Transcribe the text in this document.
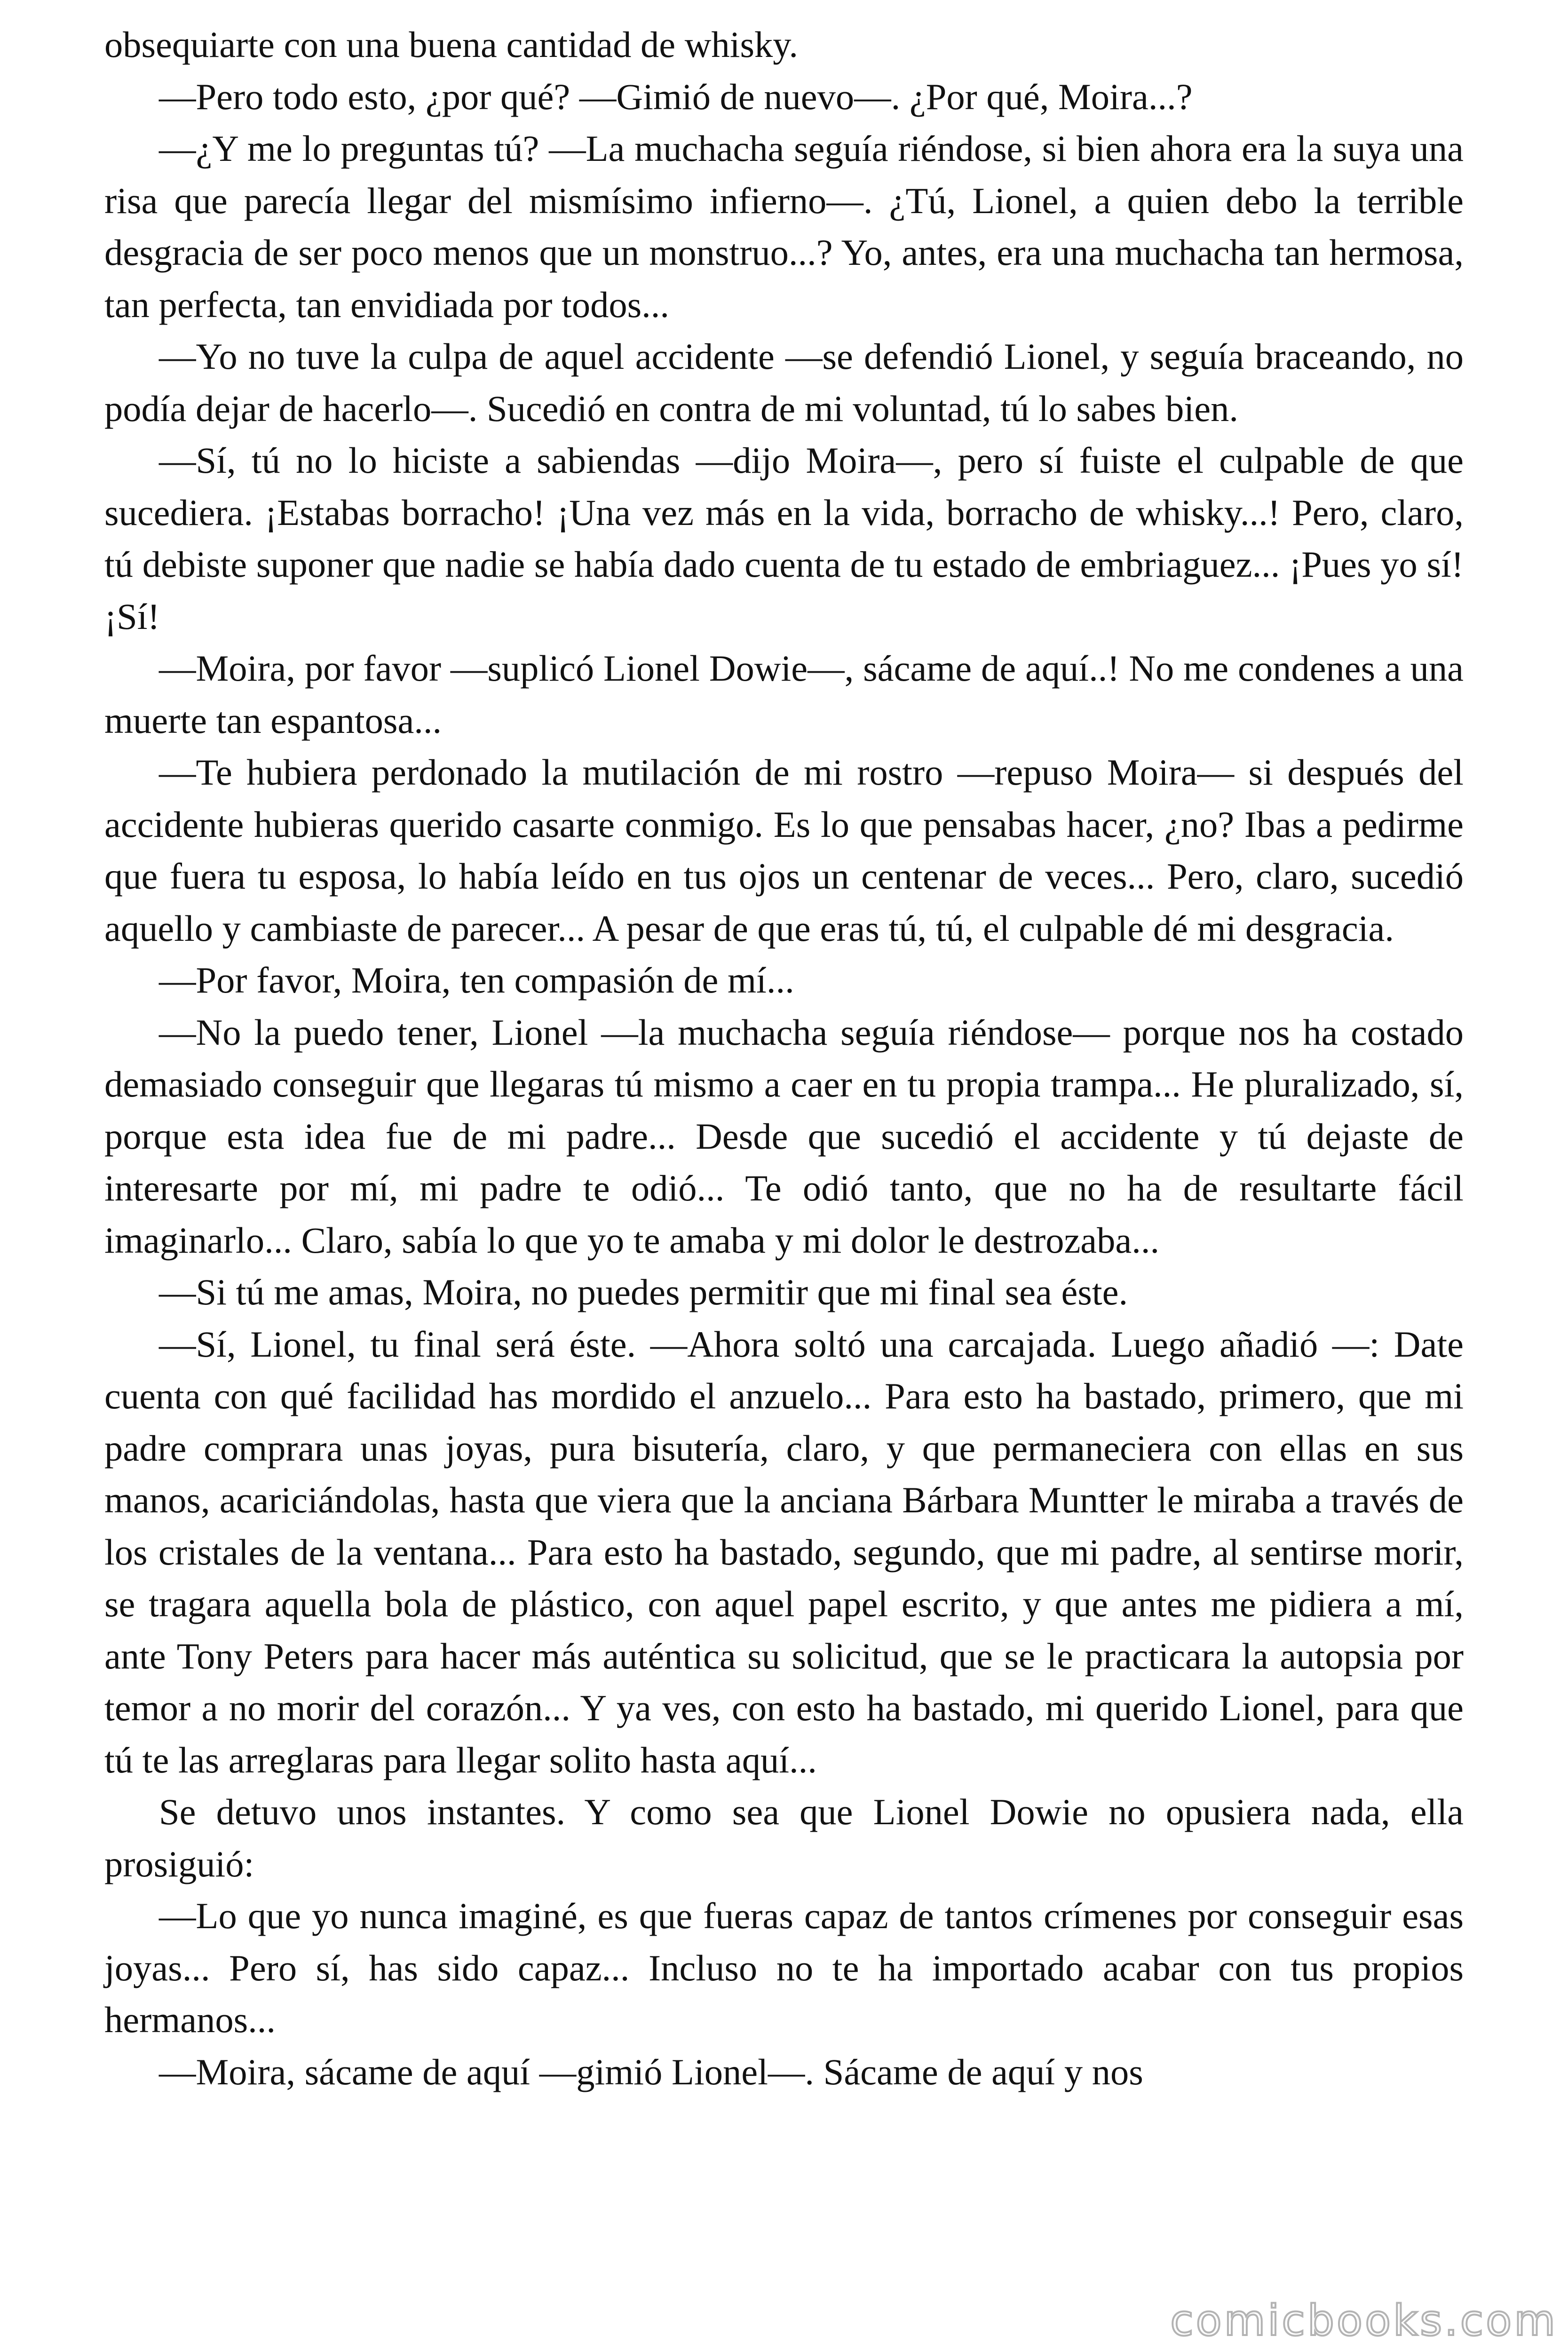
obsequiarte con una buena cantidad de whisky.

—Pero todo esto, ¿por qué? —Gimió de nuevo—. ¿Por qué, Moira...?

—¿Y me lo preguntas tú? —La muchacha seguía riéndose, si bien ahora era la suya una risa que parecía llegar del mismísimo infierno—. ¿Tú, Lionel, a quien debo la terrible desgracia de ser poco menos que un monstruo...? Yo, antes, era una muchacha tan hermosa, tan perfecta, tan envidiada por todos...

—Yo no tuve la culpa de aquel accidente —se defendió Lionel, y seguía braceando, no podía dejar de hacerlo—. Sucedió en contra de mi voluntad, tú lo sabes bien.

—Sí, tú no lo hiciste a sabiendas —dijo Moira—, pero sí fuiste el culpable de que sucediera. ¡Estabas borracho! ¡Una vez más en la vida, borracho de whisky...! Pero, claro, tú debiste suponer que nadie se había dado cuenta de tu estado de embriaguez... ¡Pues yo sí! ¡Sí!

—Moira, por favor —suplicó Lionel Dowie—, sácame de aquí..! No me condenes a una muerte tan espantosa...

—Te hubiera perdonado la mutilación de mi rostro —repuso Moira— si después del accidente hubieras querido casarte conmigo. Es lo que pensabas hacer, ¿no? Ibas a pedirme que fuera tu esposa, lo había leído en tus ojos un centenar de veces... Pero, claro, sucedió aquello y cambiaste de parecer... A pesar de que eras tú, tú, el culpable dé mi desgracia.

—Por favor, Moira, ten compasión de mí...

—No la puedo tener, Lionel —la muchacha seguía riéndose— porque nos ha costado demasiado conseguir que llegaras tú mismo a caer en tu propia trampa... He pluralizado, sí, porque esta idea fue de mi padre... Desde que sucedió el accidente y tú dejaste de interesarte por mí, mi padre te odió... Te odió tanto, que no ha de resultarte fácil imaginarlo... Claro, sabía lo que yo te amaba y mi dolor le destrozaba...

—Si tú me amas, Moira, no puedes permitir que mi final sea éste.

—Sí, Lionel, tu final será éste. —Ahora soltó una carcajada. Luego añadió —: Date cuenta con qué facilidad has mordido el anzuelo... Para esto ha bastado, primero, que mi padre comprara unas joyas, pura bisutería, claro, y que permaneciera con ellas en sus manos, acariciándolas, hasta que viera que la anciana Bárbara Muntter le miraba a través de los cristales de la ventana... Para esto ha bastado, segundo, que mi padre, al sentirse morir, se tragara aquella bola de plástico, con aquel papel escrito, y que antes me pidiera a mí, ante Tony Peters para hacer más auténtica su solicitud, que se le practicara la autopsia por temor a no morir del corazón... Y ya ves, con esto ha bastado, mi querido Lionel, para que tú te las arreglaras para llegar solito hasta aquí...

Se detuvo unos instantes. Y como sea que Lionel Dowie no opusiera nada, ella prosiguió:

—Lo que yo nunca imaginé, es que fueras capaz de tantos crímenes por conseguir esas joyas... Pero sí, has sido capaz... Incluso no te ha importado acabar con tus propios hermanos...

—Moira, sácame de aquí —gimió Lionel—. Sácame de aquí y nos

comicbooks.com
